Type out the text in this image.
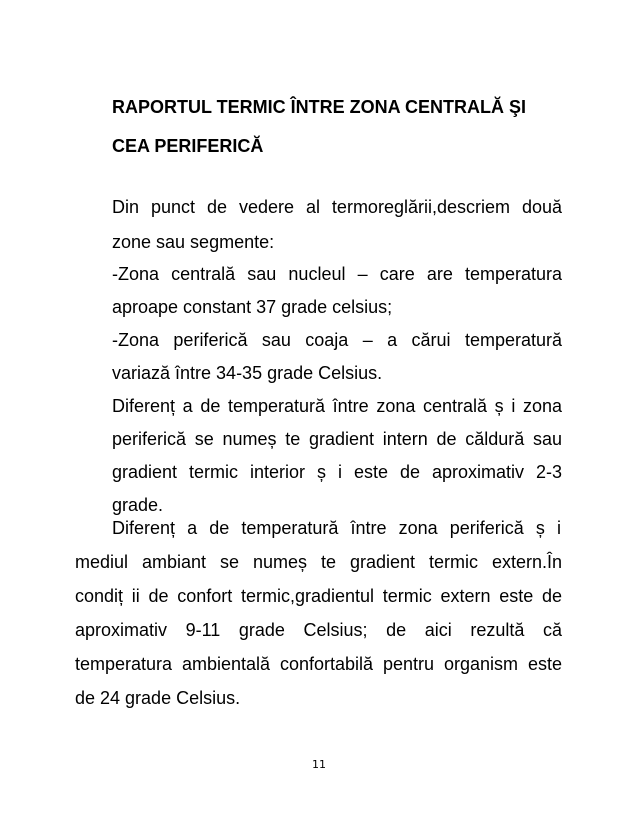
RAPORTUL TERMIC ÎNTRE ZONA CENTRALĂ ŞI
CEA PERIFERICĂ
Din punct de vedere al termoreglării,descriem două
zone sau segmente:
-Zona centrală sau nucleul – care are temperatura
aproape constant 37 grade celsius;
-Zona periferică sau coaja – a cărui temperatură
variază între 34-35 grade Celsius.
Diferenț a de temperatură între zona centrală ș i zona
periferică se numeș te gradient intern de căldură sau
gradient termic interior ș i este de aproximativ 2-3
grade.
Diferenț a de temperatură între zona periferică ș i
mediul ambiant se numeș te gradient termic extern.În
condiț ii de confort termic,gradientul termic extern este de
aproximativ 9-11 grade Celsius; de aici rezultă că
temperatura ambientală confortabilă pentru organism este
de 24 grade Celsius.
11
